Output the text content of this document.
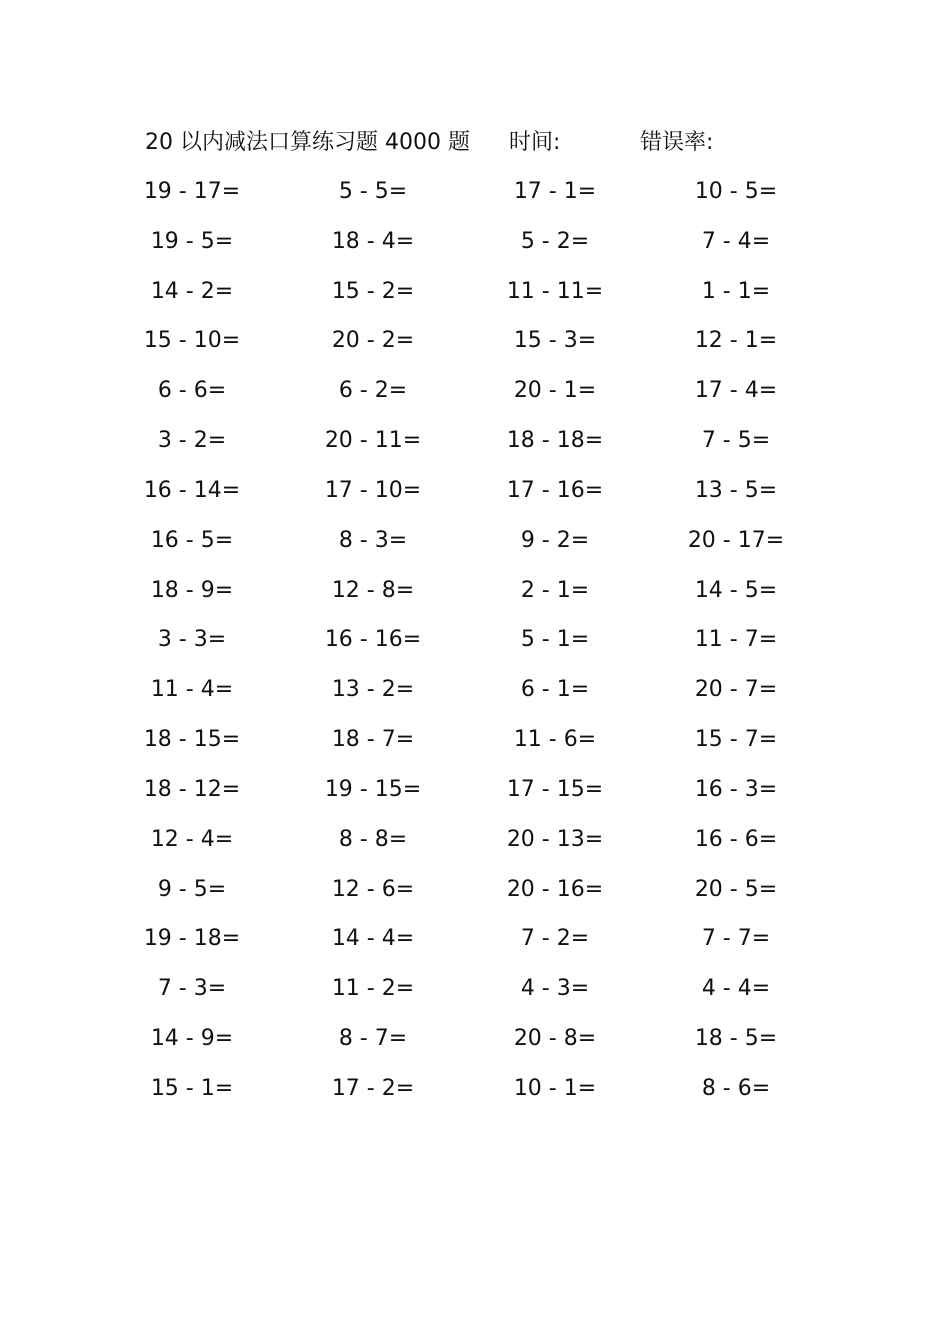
20 以内减法口算练习题 4000 题 时间:	错误率:
19 - 17=	5 - 5=	17 - 1=	10 - 5=
19 - 5=	18 - 4=	5 - 2=	7 - 4=
14 - 2=	15 - 2=	11 - 11=	1 - 1=
15 - 10=	20 - 2=	15 - 3=	12 - 1=
6 - 6=	6 - 2=	20 - 1=	17 - 4=
3 - 2=	20 - 11=	18 - 18=	7 - 5=
16 - 14=	17 - 10=	17 - 16=	13 - 5=
16 - 5=	8 - 3=	9 - 2=	20 - 17=
18 - 9=	12 - 8=	2 - 1=	14 - 5=
3 - 3=	16 - 16=	5 - 1=	11 - 7=
11 - 4=	13 - 2=	6 - 1=	20 - 7=
18 - 15=	18 - 7=	11 - 6=	15 - 7=
18 - 12=	19 - 15=	17 - 15=	16 - 3=
12 - 4=	8 - 8=	20 - 13=	16 - 6=
9 - 5=	12 - 6=	20 - 16=	20 - 5=
19 - 18=	14 - 4=	7 - 2=	7 - 7=
7 - 3=	11 - 2=	4 - 3=	4 - 4=
14 - 9=	8 - 7=	20 - 8=	18 - 5=
15 - 1=	17 - 2=	10 - 1=	8 - 6=
